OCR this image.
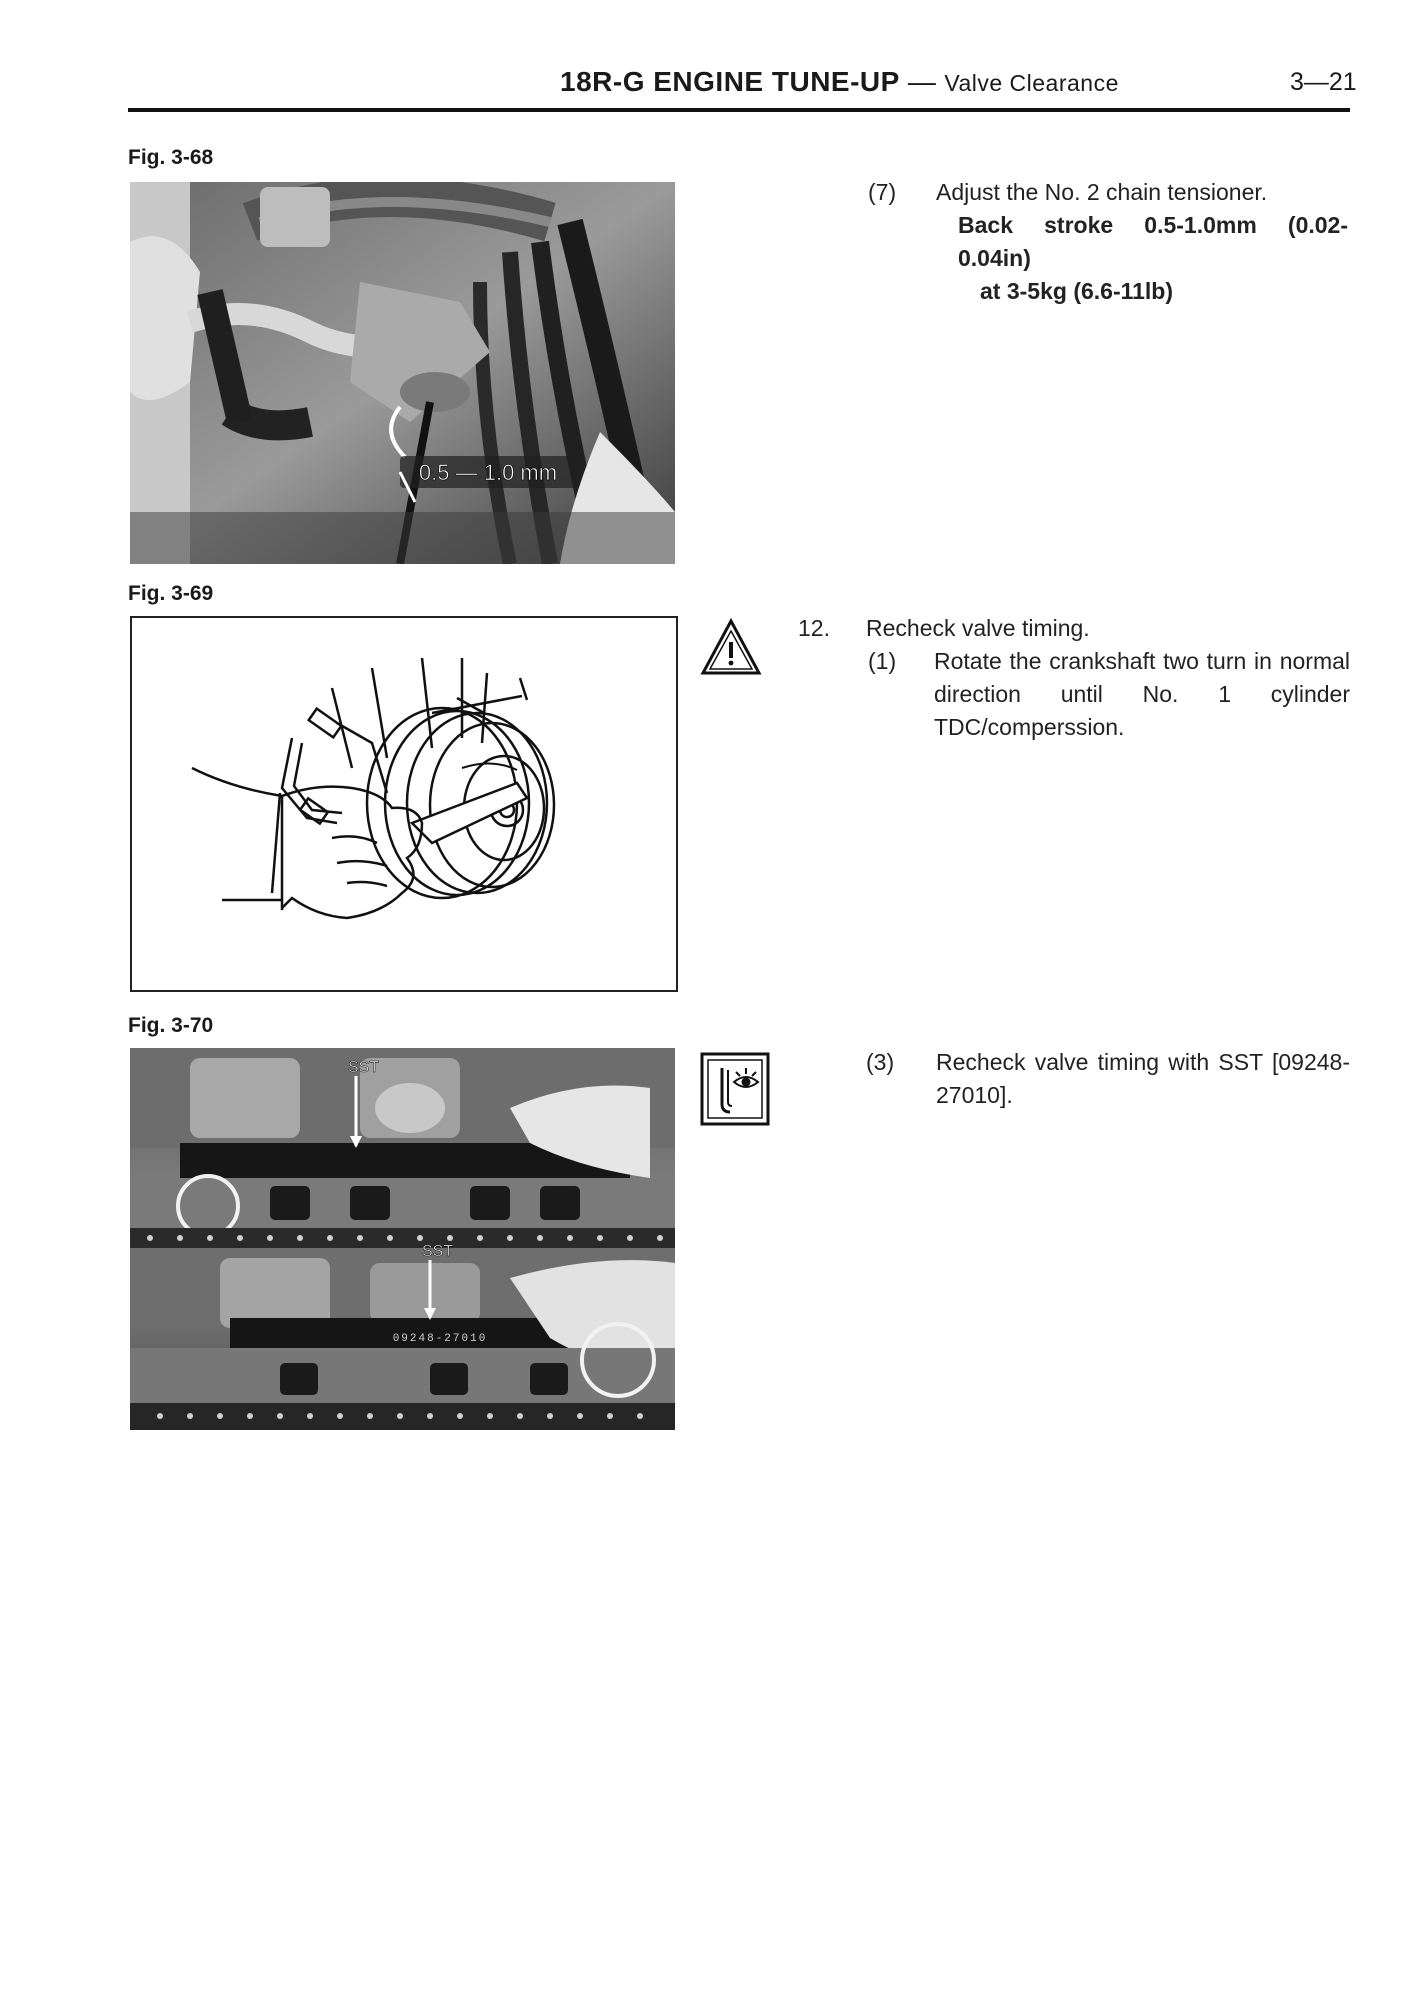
18R-G ENGINE TUNE-UP — Valve Clearance	3—21
Fig. 3-68
0.5 — 1.0 mm
(7) Adjust the No. 2 chain tensioner.
Back stroke 0.5-1.0mm (0.02-
0.04in)
at 3-5kg (6.6-11lb)
Fig. 3-69
12. Recheck valve timing.
(1) Rotate the crankshaft two turn in normal direction until No. 1 cylinder TDC/comperssion.
Fig. 3-70
09248-27010
SST
SST
(3) Recheck valve timing with SST [09248-27010].
